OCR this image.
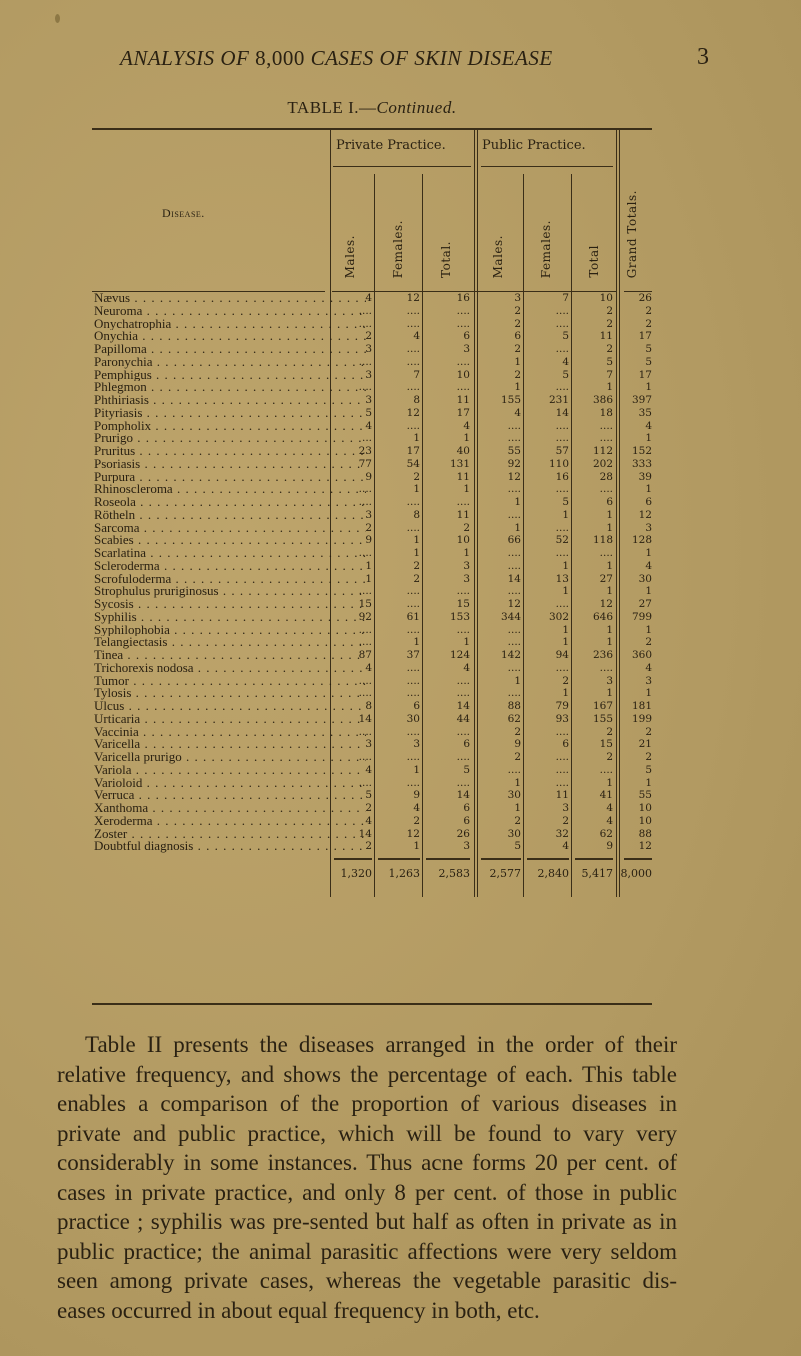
ANALYSIS OF 8,000 CASES OF SKIN DISEASE	3
TABLE I.—Continued.
Disease.
Private Practice.	Public Practice.
Males.	Females.	Total.	Males.	Females.	Total Grand Totals.
Nævus . . .	4	12	16	3	7	10 26
Neuroma . . .	....	....	....	2	....	2	2
Onychatrophia . . .	....	....	....	2	....	2	2
Onychia . . .	2	4	6	6	5	11 17
Papilloma . . .	3	....	3	2	....	2	5
Paronychia . . .	....	....	....	1	4	5	5
Pemphigus . . .	3	7	10	2	5	7 17
Phlegmon . . .	....	....	....	1	....	1	1
Phthiriasis . . .	3	8	11	155	231 386 397
Pityriasis . . .	5	12	17	4	14	18 35
Pompholix . . .	4	....	4	....	....	....	4
Prurigo . . .	...	1	1	....	....	....	1
Pruritus . . .	23	17	40	55	57 112 152
Psoriasis . . .	77	54	131	92	110 202 333
Purpura . . .	9	2	11	12	16	28 39
Rhinoscleroma . . .	....	1	1	....	....	....	1
Roseola . . .	....	....	....	1	5	6	6
Rötheln . . .	3	8	11	....	1	1 12
Sarcoma . . .	2	....	2	1	....	1	3
Scabies . . .	9	1	10	66	52 118 128
Scarlatina . . .	....	1	1	....	....	....	1
Scleroderma . . .	1	2	3	....	1	1	4
Scrofuloderma . . .	1	2	3	14	13	27 30
Strophulus pruriginosus . . .	....	....	....	....	1	1	1
Sycosis . . .	15	....	15	12	....	12 27
Syphilis . . .	92	61	153	344	302 646 799
Syphilophobia . . .	....	....	....	....	1	1	1
Telangiectasis . . .	....	1	1	....	1	1	2
Tinea . . .	87	37	124	142	94 236 360
Trichorexis nodosa . . .	4	....	4	....	....	....	4
Tumor . . .	....	....	....	1	2	3	3
Tylosis . . .	....	....	....	....	1	1	1
Ulcus . . .	8	6	14	88	79 167 181
Urticaria . . .	14	30	44	62	93 155 199
Vaccinia . . .	....	....	....	2	....	2	2
Varicella . . .	3	3	6	9	6	15 21
Varicella prurigo . . .	....	....	....	2	....	2	2
Variola . . .	4	1	5	....	....	....	5
Varioloid . . .	....	....	....	1	....	1	1
Verruca . . .	5	9	14	30	11	41 55
Xanthoma . . .	2	4	6	1	3	4 10
Xeroderma . . .	4	2	6	2	2	4 10
Zoster . . .	14	12	26	30	32	62 88
Doubtful diagnosis . . .	2	1	3	5	4	9 12
1,320 1,263 2,583 2,577 2,840 5,417 8,000

Table II presents the diseases arranged in the order of their relative frequency, and shows the percentage of each. This table enables a comparison of the proportion of various diseases in private and public practice, which will be found to vary very considerably in some instances. Thus acne forms 20 per cent. of cases in private practice, and only 8 per cent. of those in public practice ; syphilis was pre-sented but half as often in private as in public practice; the animal parasitic affections were very seldom seen among private cases, whereas the vegetable parasitic dis-eases occurred in about equal frequency in both, etc.
